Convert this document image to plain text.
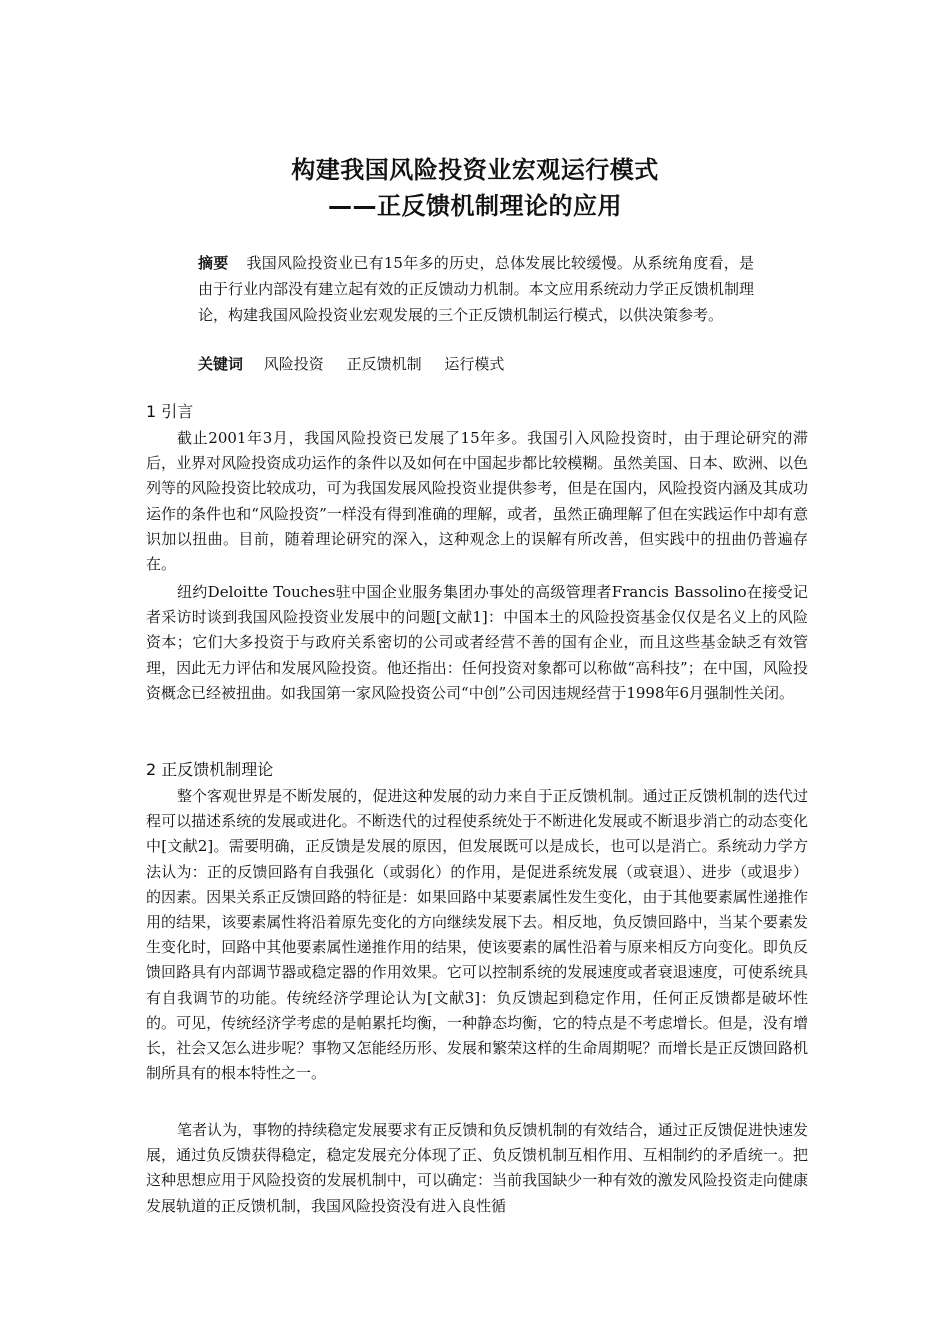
构建我国风险投资业宏观运行模式
——正反馈机制理论的应用
摘要 我国风险投资业已有15年多的历史，总体发展比较缓慢。从系统角度看，是由于行业内部没有建立起有效的正反馈动力机制。本文应用系统动力学正反馈机制理论，构建我国风险投资业宏观发展的三个正反馈机制运行模式，以供决策参考。
关键词 风险投资 正反馈机制 运行模式
1 引言

截止2001年3月，我国风险投资已发展了15年多。我国引入风险投资时，由于理论研究的滞后，业界对风险投资成功运作的条件以及如何在中国起步都比较模糊。虽然美国、日本、欧洲、以色列等的风险投资比较成功，可为我国发展风险投资业提供参考，但是在国内，风险投资内涵及其成功运作的条件也和“风险投资”一样没有得到准确的理解，或者，虽然正确理解了但在实践运作中却有意识加以扭曲。目前，随着理论研究的深入，这种观念上的误解有所改善，但实践中的扭曲仍普遍存在。

纽约Deloitte Touches驻中国企业服务集团办事处的高级管理者Francis Bassolino在接受记者采访时谈到我国风险投资业发展中的问题[文献1]：中国本土的风险投资基金仅仅是名义上的风险资本；它们大多投资于与政府关系密切的公司或者经营不善的国有企业，而且这些基金缺乏有效管理，因此无力评估和发展风险投资。他还指出：任何投资对象都可以称做“高科技”；在中国，风险投资概念已经被扭曲。如我国第一家风险投资公司“中创”公司因违规经营于1998年6月强制性关闭。

2 正反馈机制理论

整个客观世界是不断发展的，促进这种发展的动力来自于正反馈机制。通过正反馈机制的迭代过程可以描述系统的发展或进化。不断迭代的过程使系统处于不断进化发展或不断退步消亡的动态变化中[文献2]。需要明确，正反馈是发展的原因，但发展既可以是成长，也可以是消亡。系统动力学方法认为：正的反馈回路有自我强化（或弱化）的作用，是促进系统发展（或衰退）、进步（或退步）的因素。因果关系正反馈回路的特征是：如果回路中某要素属性发生变化，由于其他要素属性递推作用的结果，该要素属性将沿着原先变化的方向继续发展下去。相反地，负反馈回路中，当某个要素发生变化时，回路中其他要素属性递推作用的结果，使该要素的属性沿着与原来相反方向变化。即负反馈回路具有内部调节器或稳定器的作用效果。它可以控制系统的发展速度或者衰退速度，可使系统具有自我调节的功能。传统经济学理论认为[文献3]：负反馈起到稳定作用，任何正反馈都是破坏性的。可见，传统经济学考虑的是帕累托均衡，一种静态均衡，它的特点是不考虑增长。但是，没有增长，社会又怎么进步呢？事物又怎能经历形、发展和繁荣这样的生命周期呢？而增长是正反馈回路机制所具有的根本特性之一。

笔者认为，事物的持续稳定发展要求有正反馈和负反馈机制的有效结合，通过正反馈促进快速发展，通过负反馈获得稳定，稳定发展充分体现了正、负反馈机制互相作用、互相制约的矛盾统一。把这种思想应用于风险投资的发展机制中，可以确定：当前我国缺少一种有效的激发风险投资走向健康发展轨道的正反馈机制，我国风险投资没有进入良性循
